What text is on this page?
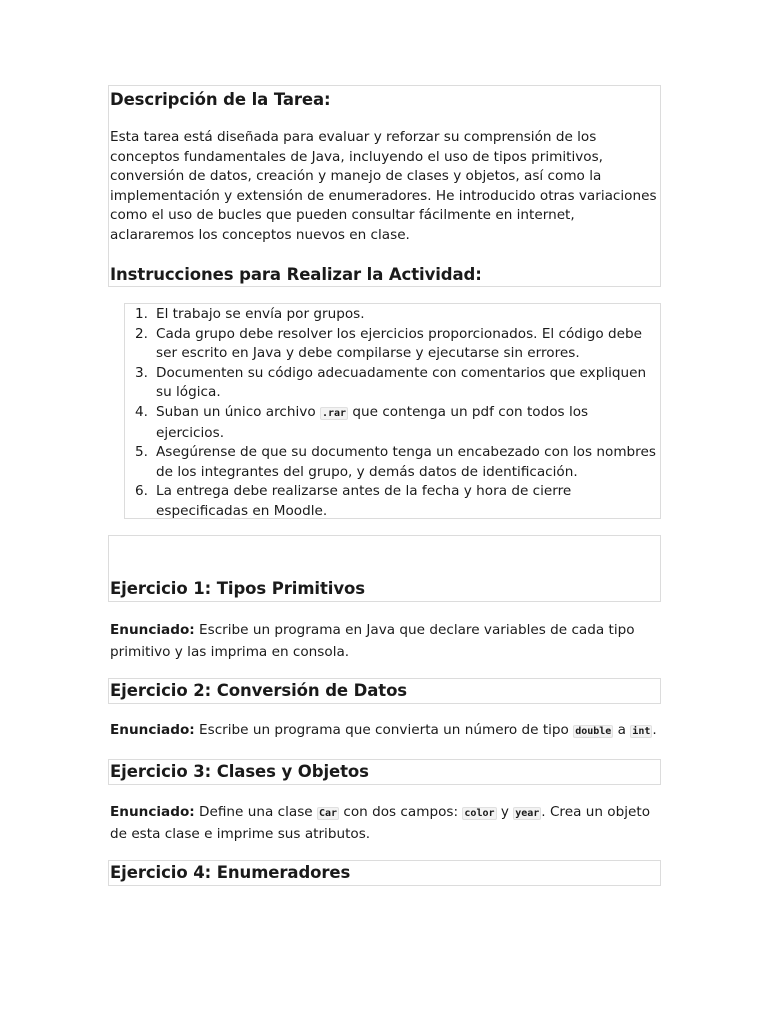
Descripción de la Tarea:

Esta tarea está diseñada para evaluar y reforzar su comprensión de los conceptos fundamentales de Java, incluyendo el uso de tipos primitivos, conversión de datos, creación y manejo de clases y objetos, así como la implementación y extensión de enumeradores. He introducido otras variaciones como el uso de bucles que pueden consultar fácilmente en internet, aclararemos los conceptos nuevos en clase.

Instrucciones para Realizar la Actividad:
1. El trabajo se envía por grupos.
2. Cada grupo debe resolver los ejercicios proporcionados. El código debe ser escrito en Java y debe compilarse y ejecutarse sin errores.
3. Documenten su código adecuadamente con comentarios que expliquen su lógica.
4. Suban un único archivo .rar que contenga un pdf con todos los ejercicios.
5. Asegúrense de que su documento tenga un encabezado con los nombres de los integrantes del grupo, y demás datos de identificación.
6. La entrega debe realizarse antes de la fecha y hora de cierre especificadas en Moodle.
Ejercicio 1: Tipos Primitivos

Enunciado: Escribe un programa en Java que declare variables de cada tipo primitivo y las imprima en consola.

Ejercicio 2: Conversión de Datos

Enunciado: Escribe un programa que convierta un número de tipo double a int .

Ejercicio 3: Clases y Objetos

Enunciado: Define una clase Car con dos campos: color y year . Crea un objeto de esta clase e imprime sus atributos.

Ejercicio 4: Enumeradores
